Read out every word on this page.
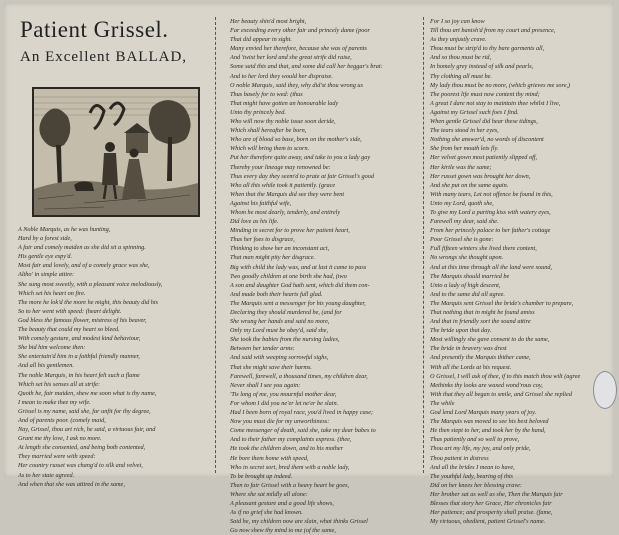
Patient Grissel.
An Excellent BALLAD,
A Noble Marquis, as he was hunting,
Hard by a forest side,
A fair and comely maiden as she did sit a spinning.
His gentle eye espy'd.
Most fair and lovely, and of a comely grace was she,
Altho' in simple attire:
She sung most sweetly, with a pleasant voice melodiously,
Which set his heart on fire.
The more he lok'd the more he might, this beauty did his
So to her went with speed: (heart delight.
God bless the famous flower, mistress of his beaver,
The beauty that could my heart so bleed.
With comely gesture, and modest kind behaviour,
She bid him welcome then:
She entertain'd him in a faithful friendly manner,
And all his gentlemen.
The noble Marquis, in his heart felt such a flame
Which set his senses all at strife:
Quoth he, fair maiden, shew me soon what is thy name,
I mean to make thee my wife.
Grissel is my name, said she, far unfit for thy degree,
And of parents poor. (comely maid,
Nay, Grissel, thou art rich, he said, a virtuous fair, and
Grant me thy love, I ask no more.
At length she consented, and being both contented,
They married were with speed:
Her country russet was chang'd to silk and velvet,
As to her state agreed.
And when that she was attired in the same,
Her beauty shin'd most bright,
Far exceeding every other fair and princely dame (poor
That did appear in sight.
Many envied her therefore, because she was of parents
And 'twixt her lord and she great strife did raise,
Some said this and that, and some did call her beggar's brat:
And to her lord they would her dispraise.
O noble Marquis, said they, why did'st thou wrong us
Thus basely for to wed: (thus
That might have gotten an honourable lady
Unto thy princely bed.
Who will now thy noble issue soon deride,
Which shall hereafter be born,
Who are of blood so base, born on the mother's side,
Which will bring them to scorn.
Put her therefore quite away, and take to you a lady gay
Thereby your lineage may renowned be:
Thus every day they seem'd to prate at fair Grissel's good
Who all this while took it patiently. (grace
When that the Marquis did see they were bent
Against his faithful wife,
Whom he most dearly, tenderly, and entirely
Did love as his life.
Minding in secret for to prove her patient heart,
Thus her foes to disgrace,
Thinking to show her an inconstant act,
That man might pity her disgrace.
Big with child the lady was, and at last it came to pass
Two goodly children at one birth she had, (two
A son and daughter God hath sent, which did them con-
And made both their hearts full glad.
The Marquis sent a messenger for his young daughter,
Declaring they should murdered be, (and for
She wrung her hands and said no more,
Only my Lord must be obey'd, said she,
She took the babies from the nursing ladies,
Between her tender arms:
And said with weeping sorrowful sighs,
That she might save their harms.
Farewell, farewell, a thousand times, my children dear,
Never shall I see you again:
'Tis long of me, you mournful mother dear,
For whom I did you ne'er let ne'er be slain.
Had I been born of royal race, you'd lived in happy case;
Now you must die for my unworthiness:
Come messenger of death, said she, take my dear babes to
And to their father my complaints express. (thee,
He took the children down, and to his mother
He bore them home with speed,
Who in secret sort, bred them with a noble lady,
To be brought up indeed.
Then to fair Grissel with a heavy heart he goes,
Where she sat mildly all alone:
A pleasant gesture and a good life shows,
As if no grief she had known.
Said he, my children now are slain, what thinks Grissel
Go now shew thy mind to me (of the same,
For I so joy can know
Till thou art banish'd from my court and presence,
As they unjustly crave.
Thou must be strip'd to thy bare garments all,
And so thou must be rid,
In homely grey instead of silk and pearls,
Thy clothing all must be.
My lady thou must be no more, (which grieves me sore,)
The poorest life must now content thy mind;
A great I dare not stay to maintain thee whilst I live,
Against my Grissel such foes I find.
When gentle Grissel did hear these tidings,
The tears stood in her eyes,
Nothing she answer'd, no words of discontent
She from her mouth lets fly.
Her velvet gown most patiently slipped off,
Her kirtle was the same;
Her russet gown was brought her down,
And she put on the same again.
With many tears, Let not offence be found in this,
Unto my Lord, quoth she,
To give my Lord a parting kiss with watery eyes,
Farewell my dear, said she.
From her princely palace to her father's cottage
Poor Grissel she is gone:
Full fifteen winters she lived there content,
No wrongs she thought upon.
And at this time through all the land were sound,
The Marquis should married be
Unto a lady of high descent,
And to the same did all agree.
The Marquis sent Grissel the bride's chamber to prepare,
That nothing that in might be found amiss
And that in friendly sort the sound attire
The bride upon that day.
Most willingly she gave consent to do the same,
The bride in bravery was drest
And presently the Marquis thither came,
With all the Lords at his request.
O Grissel, I will ask of thee, if to this match thou wilt (agree
Methinks thy looks are waxed wond'rous coy,
With that they all began to smile, and Grissel she replied
The while
God lend Lord Marquis many years of joy.
The Marquis was moved to see his best beloved
He then stept to her, and took her by the hand,
Thus patiently and so well to prove,
Thou art my life, my joy, and only pride,
Thou patient in distress
And all the brides I mean to have,
The youthful lady, bearing of this
Did on her knees her blessing crave:
Her brother sat as well as she, Then the Marquis fair
Blesses that story her Grace, Her chronicles fair
Her patience; and prosperity shall praise. (fame,
My virtuous, obedient, patient Grissel's name.
